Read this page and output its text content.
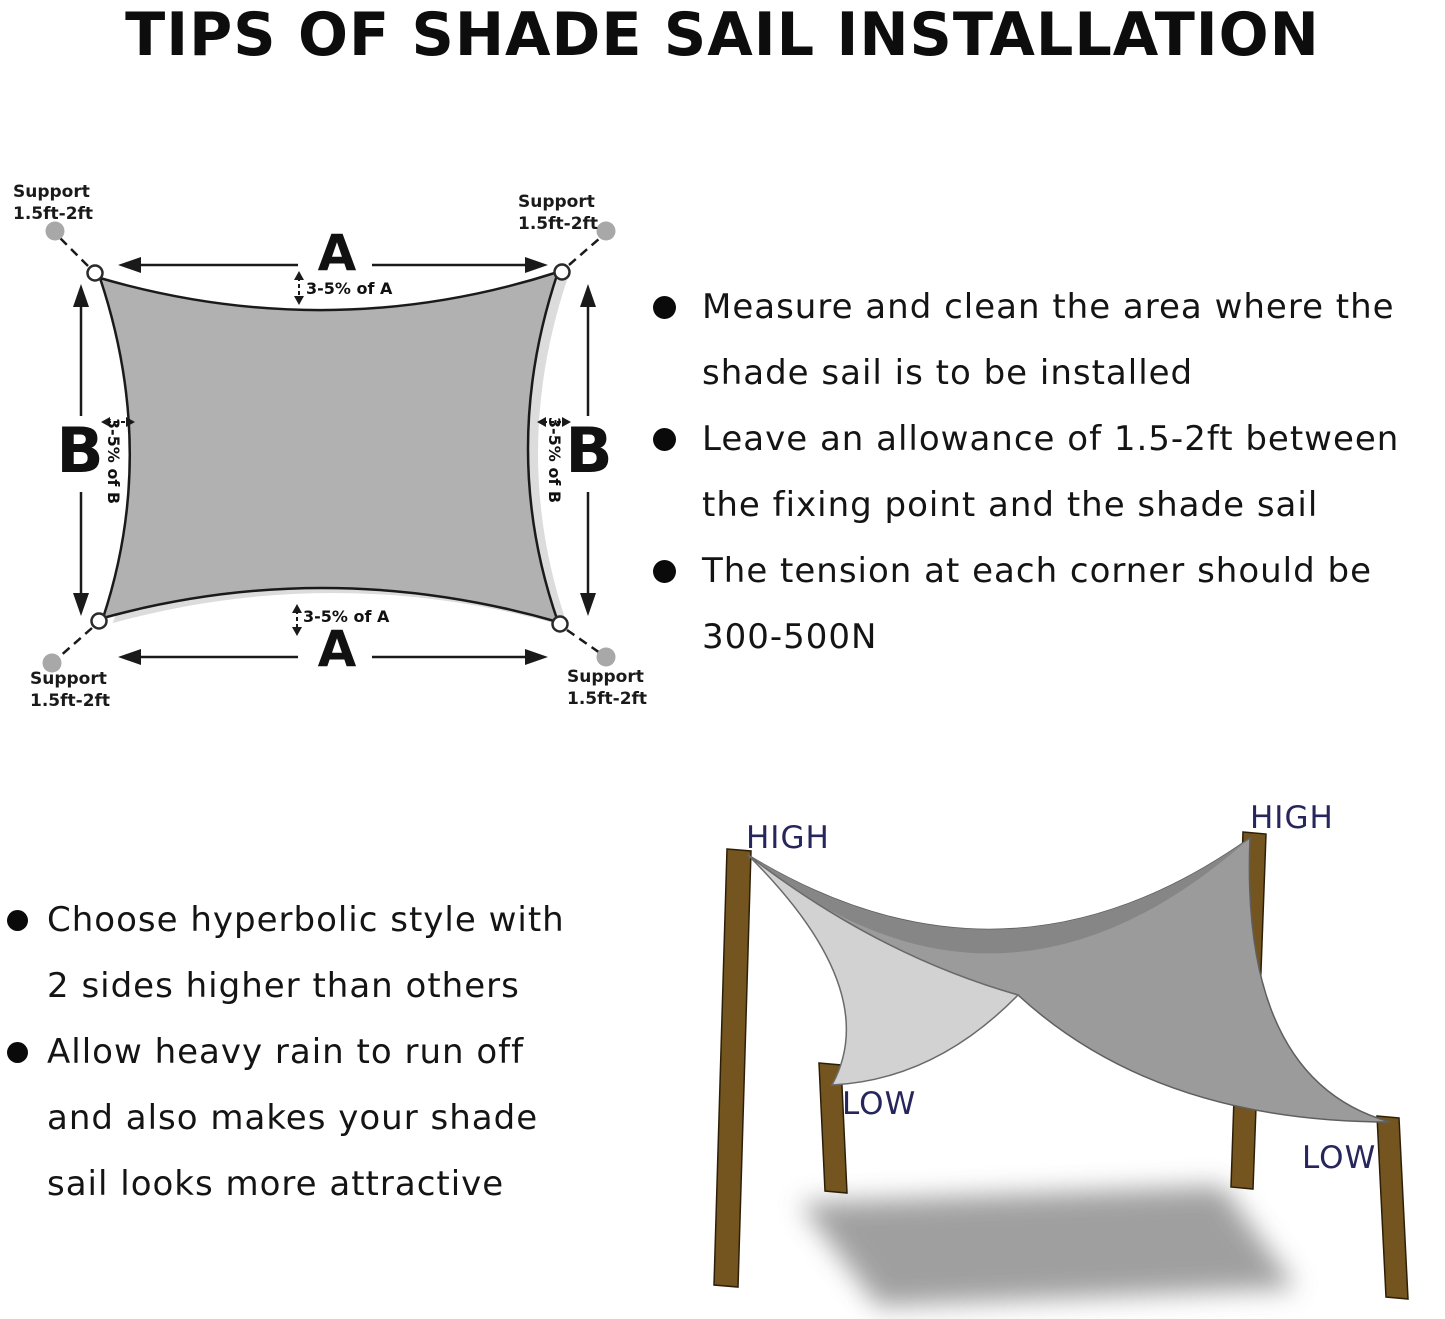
TIPS OF SHADE SAIL INSTALLATION
Support
1.5ft-2ft
Support
1.5ft-2ft
Support
1.5ft-2ft
Support
1.5ft-2ft
A
A
B	B
3-5% of A
3-5% of A
3-5% of B	3-5% of B
Measure and clean the area where the
shade sail is to be installed
Leave an allowance of 1.5-2ft between
the fixing point and the shade sail
The tension at each corner should be
300-500N
Choose hyperbolic style with
2 sides higher than others
Allow heavy rain to run off
and also makes your shade
sail looks more attractive
HIGH
HIGH
LOW
LOW
